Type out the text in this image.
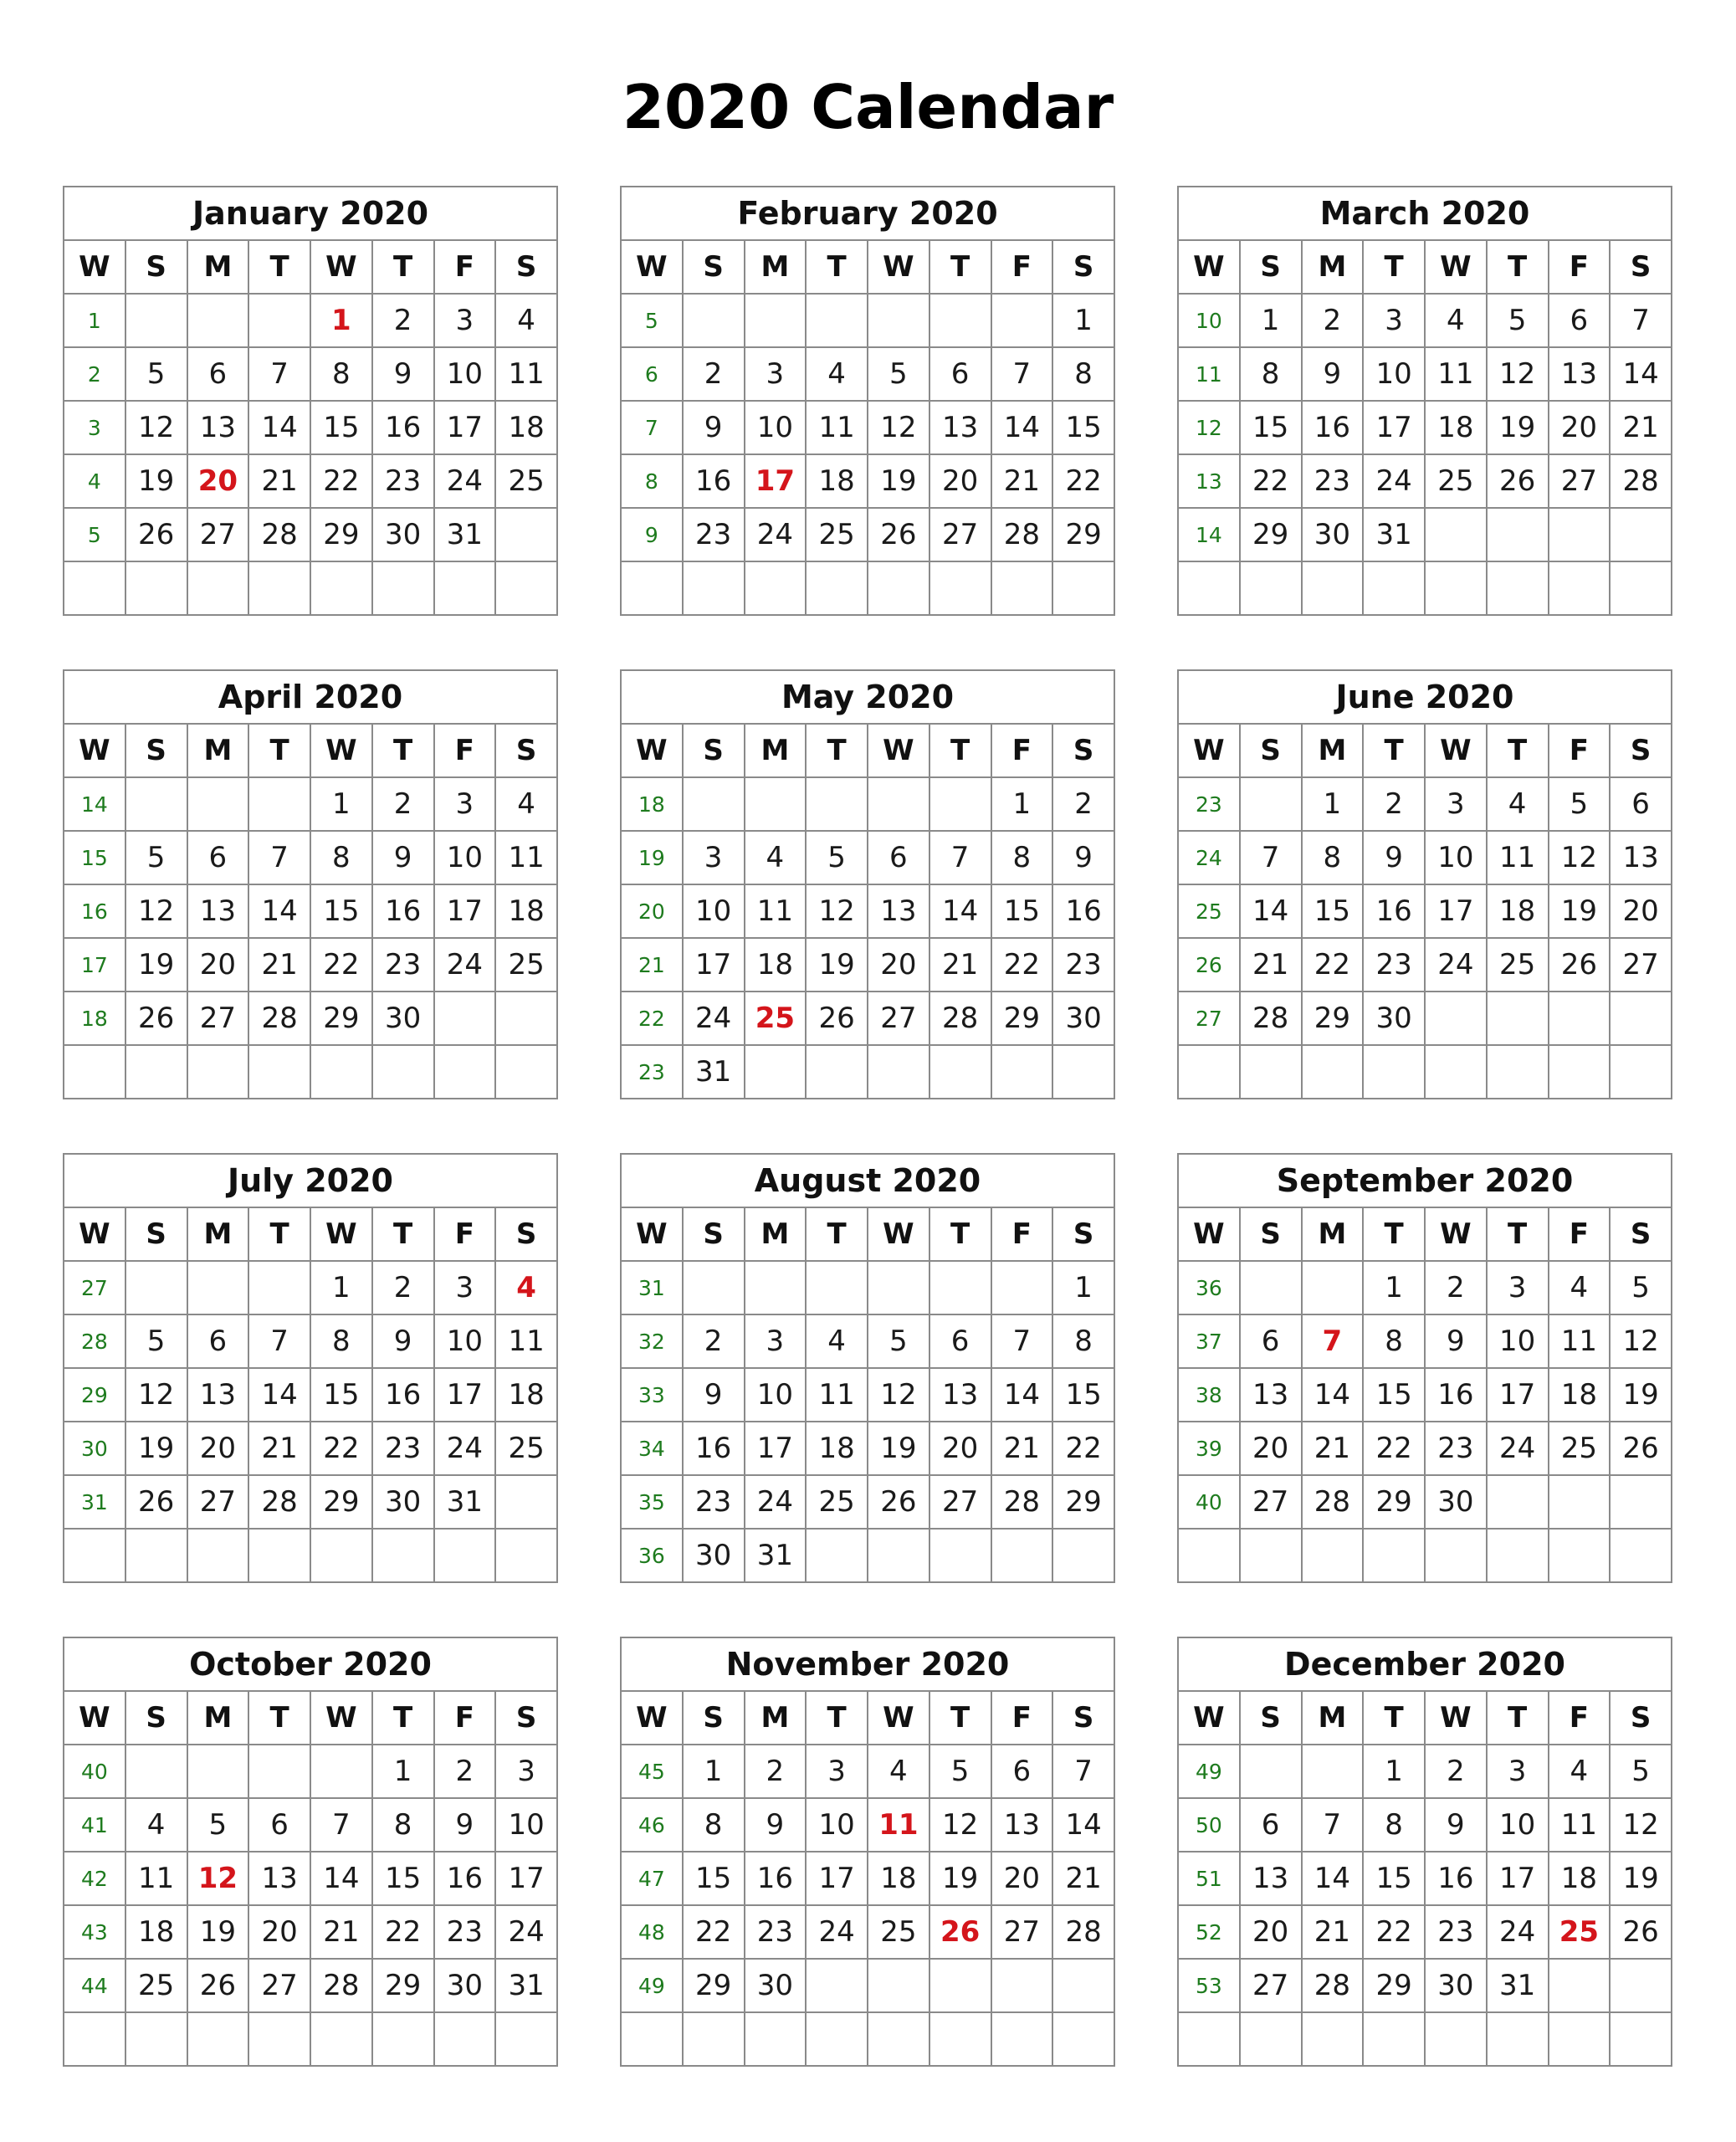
2020 Calendar
January 2020							
W	S	M	T	W	T	F	S
1				1	2	3	4
2	5	6	7	8	9	10	11
3	12	13	14	15	16	17	18
4	19	20	21	22	23	24	25
5	26	27	28	29	30	31	

February 2020							
W	S	M	T	W	T	F	S
5							1
6	2	3	4	5	6	7	8
7	9	10	11	12	13	14	15
8	16	17	18	19	20	21	22
9	23	24	25	26	27	28	29

March 2020							
W	S	M	T	W	T	F	S
10	1	2	3	4	5	6	7
11	8	9	10	11	12	13	14
12	15	16	17	18	19	20	21
13	22	23	24	25	26	27	28
14	29	30	31				

April 2020							
W	S	M	T	W	T	F	S
14				1	2	3	4
15	5	6	7	8	9	10	11
16	12	13	14	15	16	17	18
17	19	20	21	22	23	24	25
18	26	27	28	29	30		

May 2020							
W	S	M	T	W	T	F	S
18						1	2
19	3	4	5	6	7	8	9
20	10	11	12	13	14	15	16
21	17	18	19	20	21	22	23
22	24	25	26	27	28	29	30
23	31						
June 2020							
W	S	M	T	W	T	F	S
23		1	2	3	4	5	6
24	7	8	9	10	11	12	13
25	14	15	16	17	18	19	20
26	21	22	23	24	25	26	27
27	28	29	30				

July 2020							
W	S	M	T	W	T	F	S
27				1	2	3	4
28	5	6	7	8	9	10	11
29	12	13	14	15	16	17	18
30	19	20	21	22	23	24	25
31	26	27	28	29	30	31	

August 2020							
W	S	M	T	W	T	F	S
31							1
32	2	3	4	5	6	7	8
33	9	10	11	12	13	14	15
34	16	17	18	19	20	21	22
35	23	24	25	26	27	28	29
36	30	31					
September 2020							
W	S	M	T	W	T	F	S
36			1	2	3	4	5
37	6	7	8	9	10	11	12
38	13	14	15	16	17	18	19
39	20	21	22	23	24	25	26
40	27	28	29	30			

October 2020							
W	S	M	T	W	T	F	S
40					1	2	3
41	4	5	6	7	8	9	10
42	11	12	13	14	15	16	17
43	18	19	20	21	22	23	24
44	25	26	27	28	29	30	31

November 2020							
W	S	M	T	W	T	F	S
45	1	2	3	4	5	6	7
46	8	9	10	11	12	13	14
47	15	16	17	18	19	20	21
48	22	23	24	25	26	27	28
49	29	30					

December 2020							
W	S	M	T	W	T	F	S
49			1	2	3	4	5
50	6	7	8	9	10	11	12
51	13	14	15	16	17	18	19
52	20	21	22	23	24	25	26
53	27	28	29	30	31		
